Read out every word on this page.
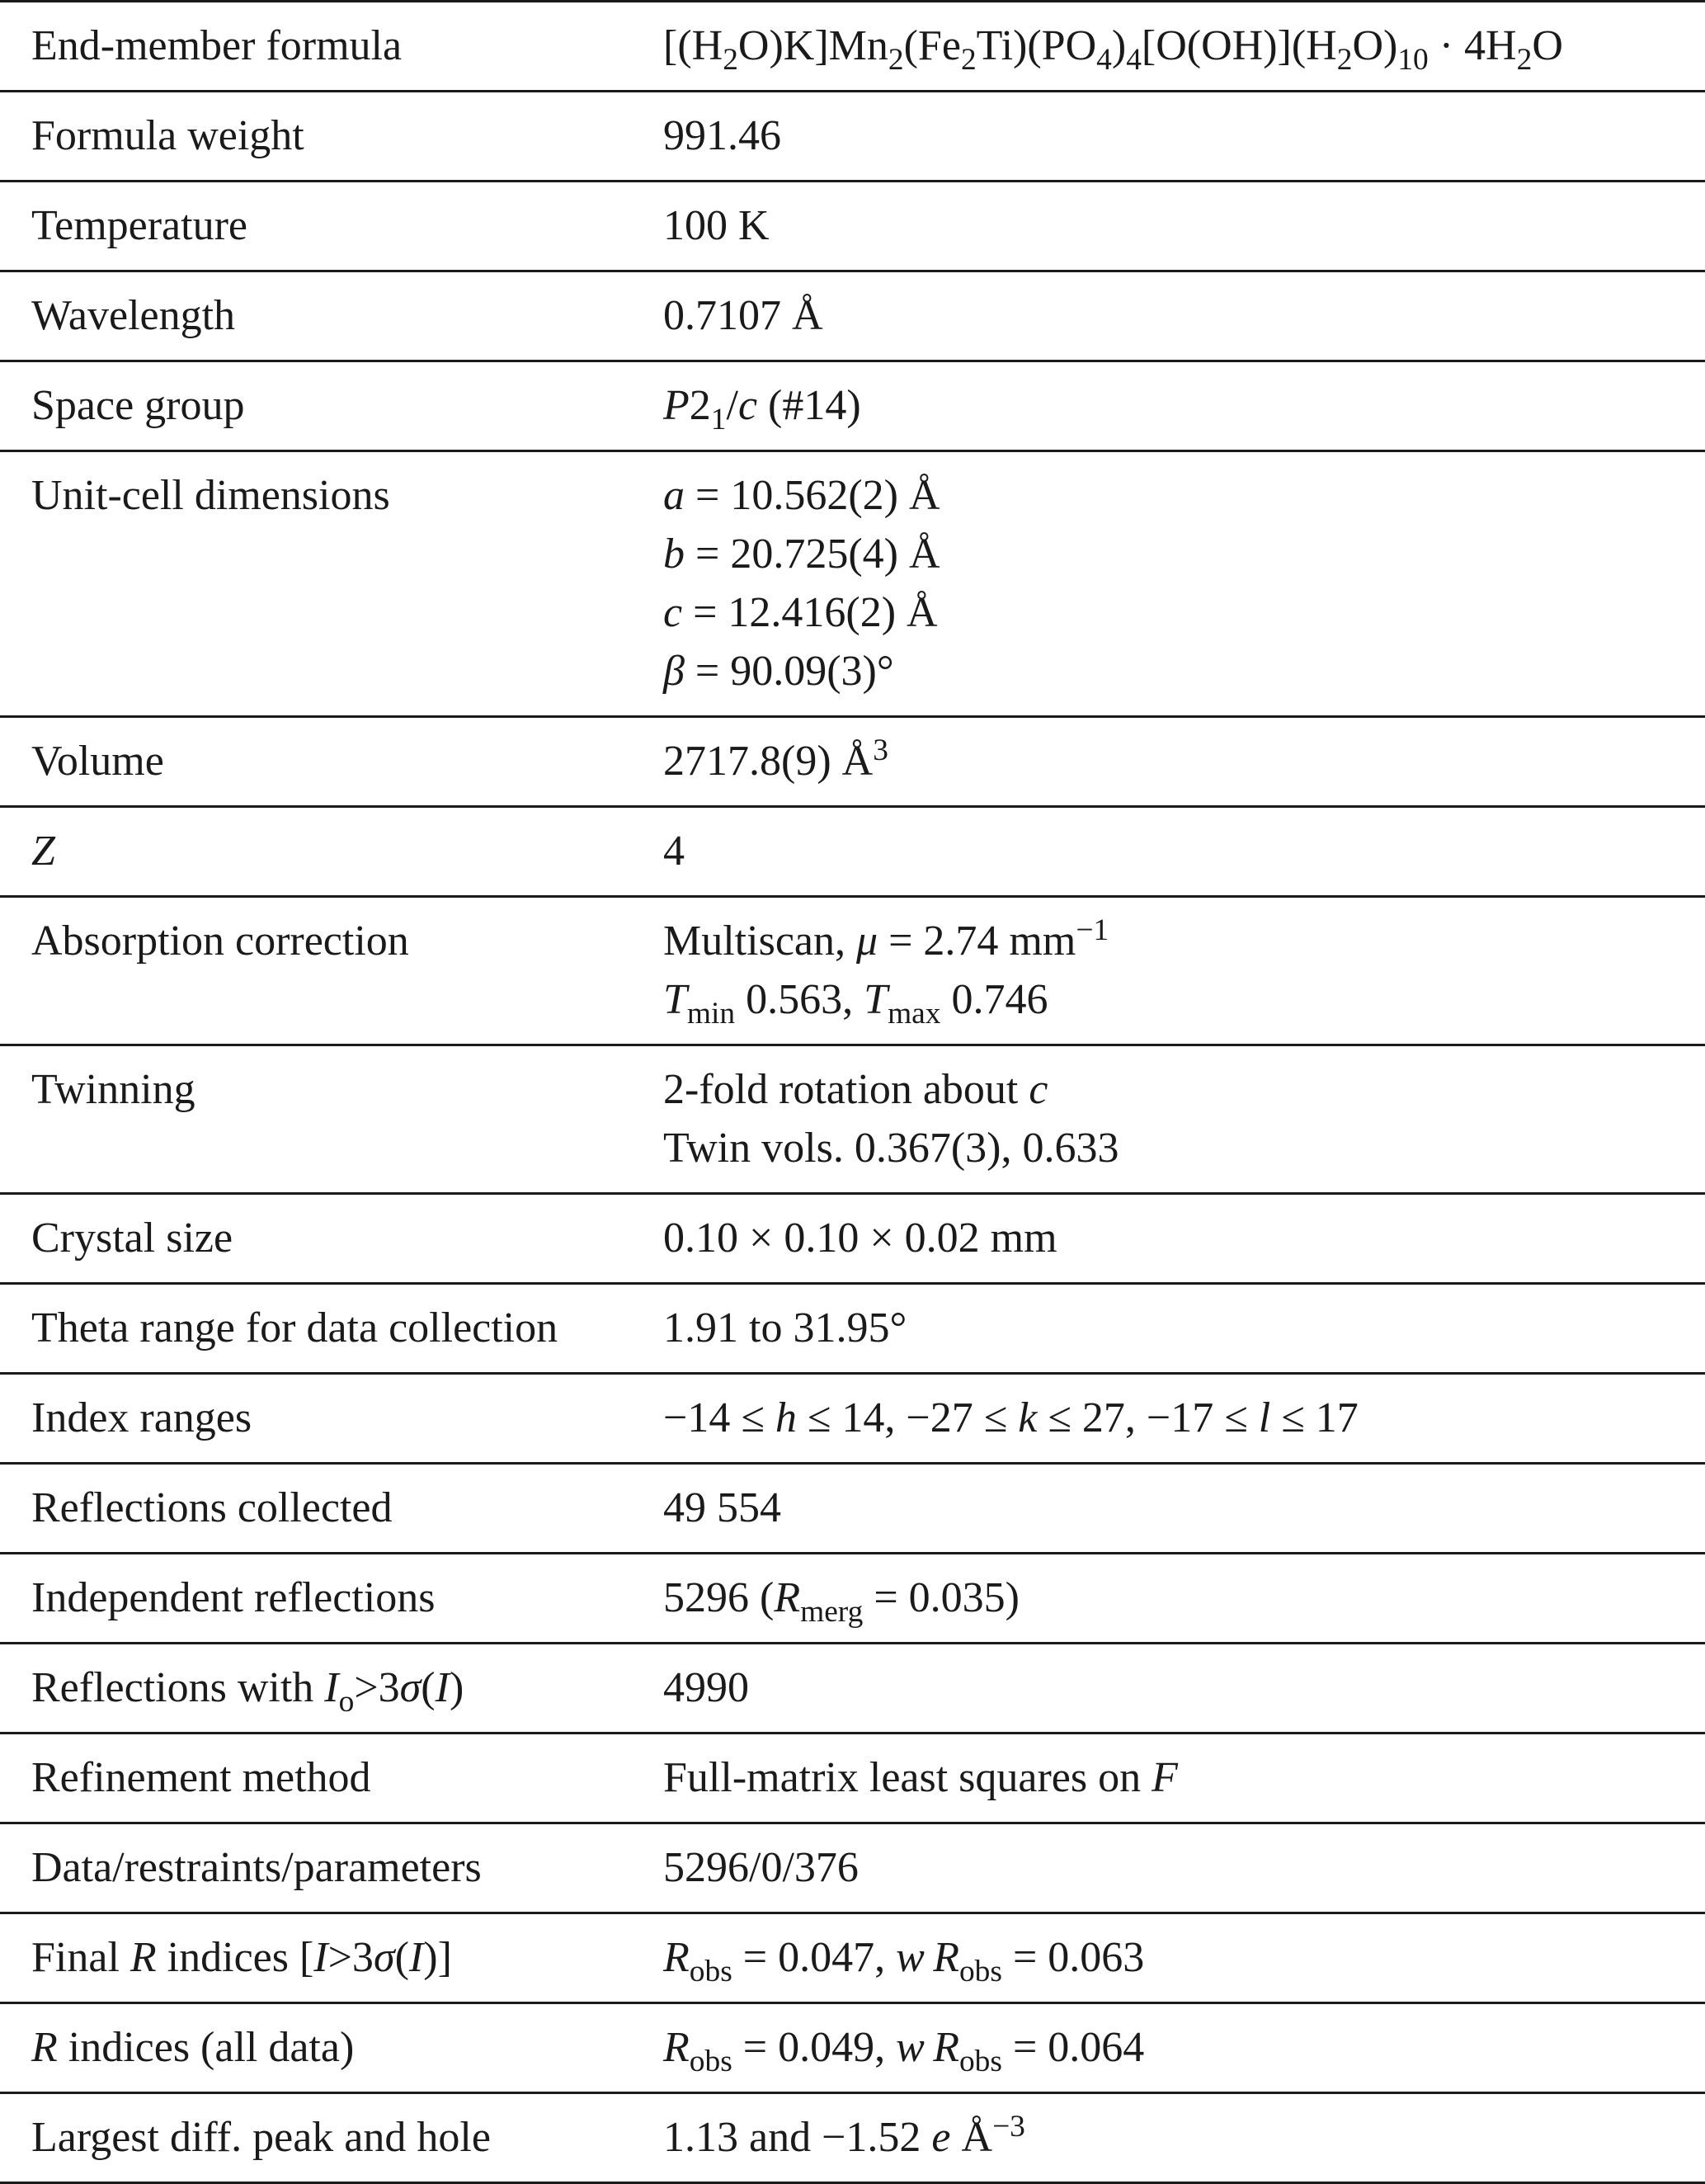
End-member formula	$[(H_2O)K]Mn_2(Fe_2Ti)(PO_4)_4[O(OH)](H_2O)_{10} \cdot 4H_2O$

Formula weight	991.46

Temperature	100 K

Wavelength	0.7107 Å

Space group	$P2_1/c$ (#14)

Unit-cell dimensions	a = 10.562(2) Å
b = 20.725(4) Å
c = 12.416(2) Å
β = 90.09(3)°

Volume	2717.8(9) $Å^3$

Z	4

Absorption correction	Multiscan, μ = 2.74 $mm^{-1}$
$T_{min}$ 0.563, $T_{max}$ 0.746

Twinning	2-fold rotation about c
Twin vols. 0.367(3), 0.633

Crystal size	0.10 × 0.10 × 0.02 mm

Theta range for data collection	1.91 to 31.95°

Index ranges	−14 ≤ h ≤ 14, −27 ≤ k ≤ 27, −17 ≤ l ≤ 17

Reflections collected	49 554

Independent reflections	5296 $(R_{merg} = 0.035)$

Reflections with $I_o>3\sigma(I)$	4990

Refinement method	Full-matrix least squares on F

Data/restraints/parameters	5296/0/376

Final R indices [I>3σ(I)]	$R_{obs} = 0.047$, w  $R_{obs} = 0.063$

R indices (all data)	$R_{obs} = 0.049$, w  $R_{obs} = 0.064$

Largest diff. peak and hole	1.13 and −1.52 e $Å^{-3}$
